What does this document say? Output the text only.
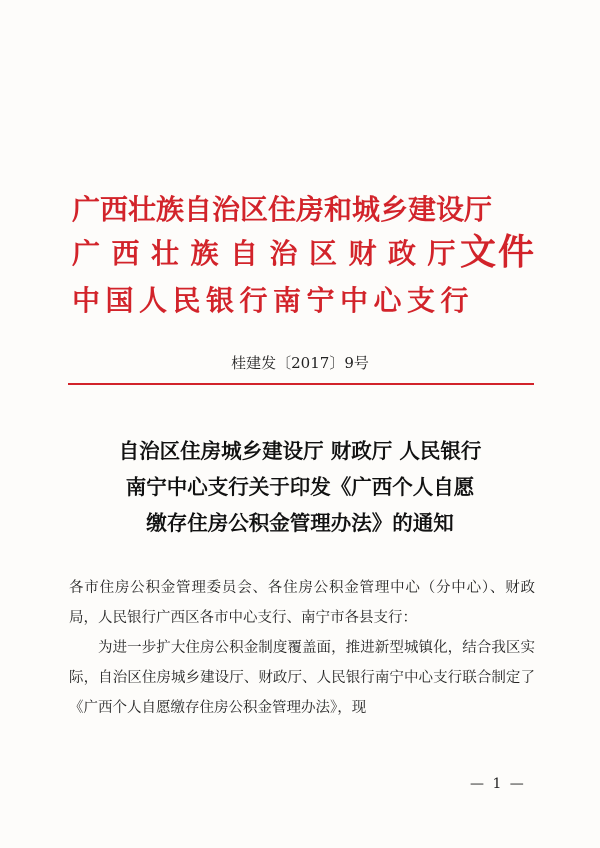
广西壮族自治区住房和城乡建设厅
广西壮族自治区财政厅
中国人民银行南宁中心支行
文件
桂建发〔2017〕9号
自治区住房城乡建设厅 财政厅 人民银行
南宁中心支行关于印发《广西个人自愿
缴存住房公积金管理办法》的通知
各市住房公积金管理委员会、各住房公积金管理中心（分中心）、财政局，人民银行广西区各市中心支行、南宁市各县支行：
为进一步扩大住房公积金制度覆盖面，推进新型城镇化，结合我区实际，自治区住房城乡建设厅、财政厅、人民银行南宁中心支行联合制定了《广西个人自愿缴存住房公积金管理办法》，现
— 1 —
